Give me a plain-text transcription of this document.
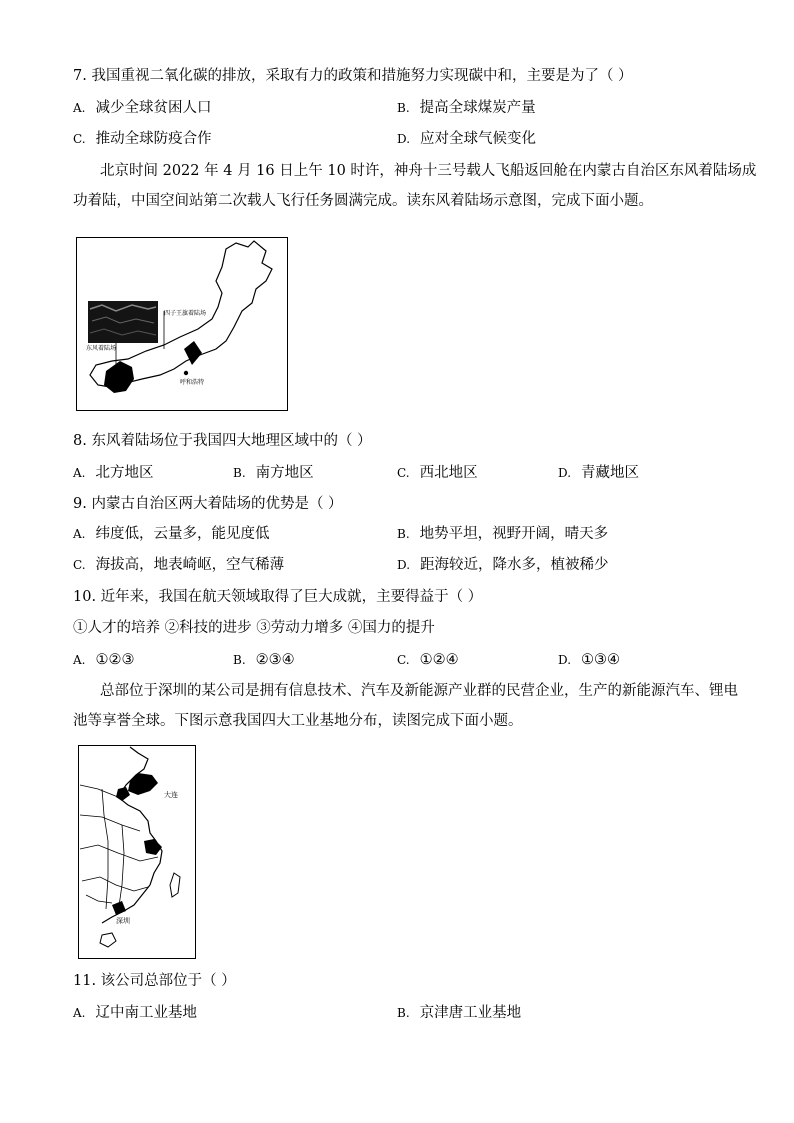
7. 我国重视二氧化碳的排放，采取有力的政策和措施努力实现碳中和，主要是为了（ ）
A. 减少全球贫困人口	B. 提高全球煤炭产量
C. 推动全球防疫合作	D. 应对全球气候变化
北京时间 2022 年 4 月 16 日上午 10 时许，神舟十三号载人飞船返回舱在内蒙古自治区东风着陆场成
功着陆，中国空间站第二次载人飞行任务圆满完成。读东风着陆场示意图，完成下面小题。
四子王旗着陆场
东风着陆场
呼和浩特
8. 东风着陆场位于我国四大地理区域中的（ ）
A. 北方地区	B. 南方地区	C. 西北地区	D. 青藏地区
9. 内蒙古自治区两大着陆场的优势是（ ）
A. 纬度低，云量多，能见度低	B. 地势平坦，视野开阔，晴天多
C. 海拔高，地表崎岖，空气稀薄	D. 距海较近，降水多，植被稀少
10. 近年来，我国在航天领域取得了巨大成就，主要得益于（ ）
①人才的培养 ②科技的进步 ③劳动力增多 ④国力的提升
A. ①②③	B. ②③④	C. ①②④	D. ①③④
总部位于深圳的某公司是拥有信息技术、汽车及新能源产业群的民营企业，生产的新能源汽车、锂电
池等享誉全球。下图示意我国四大工业基地分布，读图完成下面小题。
大连
深圳
11. 该公司总部位于（ ）
A. 辽中南工业基地	B. 京津唐工业基地
